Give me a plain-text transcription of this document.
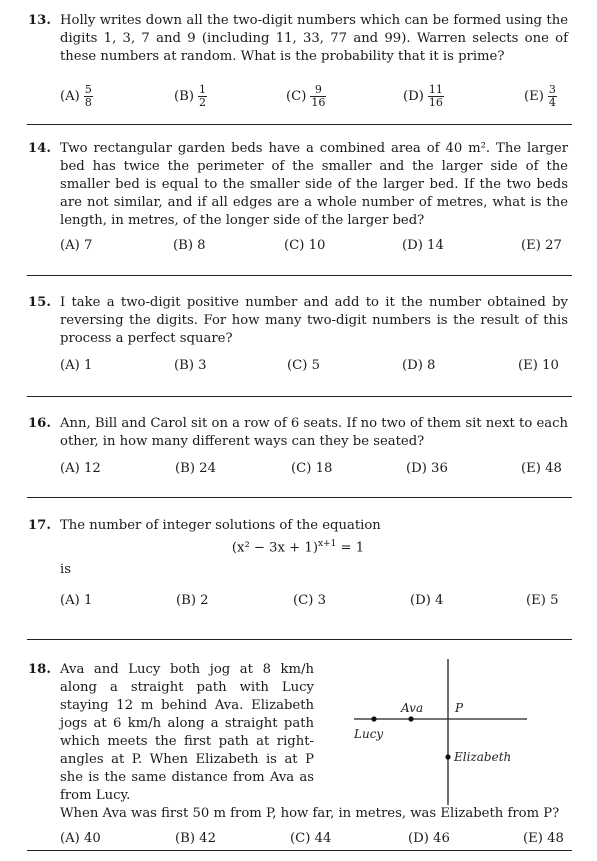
13. Holly writes down all the two-digit numbers which can be formed using the digits 1, 3, 7 and 9 (including 11, 33, 77 and 99). Warren selects one of these numbers at random. What is the probability that it is prime?
$(A) \frac{5}{8}$	$(B) \frac{1}{2}$	$(C) \frac{9}{16}$	$(D) \frac{11}{16}$	$(E) \frac{3}{4}$
14. Two rectangular garden beds have a combined area of 40 m². The larger bed has twice the perimeter of the smaller and the larger side of the smaller bed is equal to the smaller side of the larger bed. If the two beds are not similar, and if all edges are a whole number of metres, what is the length, in metres, of the longer side of the larger bed?
(A) 7	(B) 8	(C) 10	(D) 14	(E) 27
15. I take a two-digit positive number and add to it the number obtained by reversing the digits. For how many two-digit numbers is the result of this process a perfect square?
(A) 1	(B) 3	(C) 5	(D) 8	(E) 10
16. Ann, Bill and Carol sit on a row of 6 seats. If no two of them sit next to each other, in how many different ways can they be seated?
(A) 12	(B) 24	(C) 18	(D) 36	(E) 48
17. The number of integer solutions of the equation
$(x^2 - 3x + 1)^{x+1} = 1$
is
(A) 1	(B) 2	(C) 3	(D) 4	(E) 5
18. Ava and Lucy both jog at 8 km/h along a straight path with Lucy staying 12 m behind Ava. Elizabeth jogs at 6 km/h along a straight path which meets the first path at right-angles at P. When Elizabeth is at P she is the same distance from Ava as from Lucy.
When Ava was first 50 m from P, how far, in metres, was Elizabeth from P?
(A) 40	(B) 42	(C) 44	(D) 46	(E) 48
Ava	P
Lucy
Elizabeth
